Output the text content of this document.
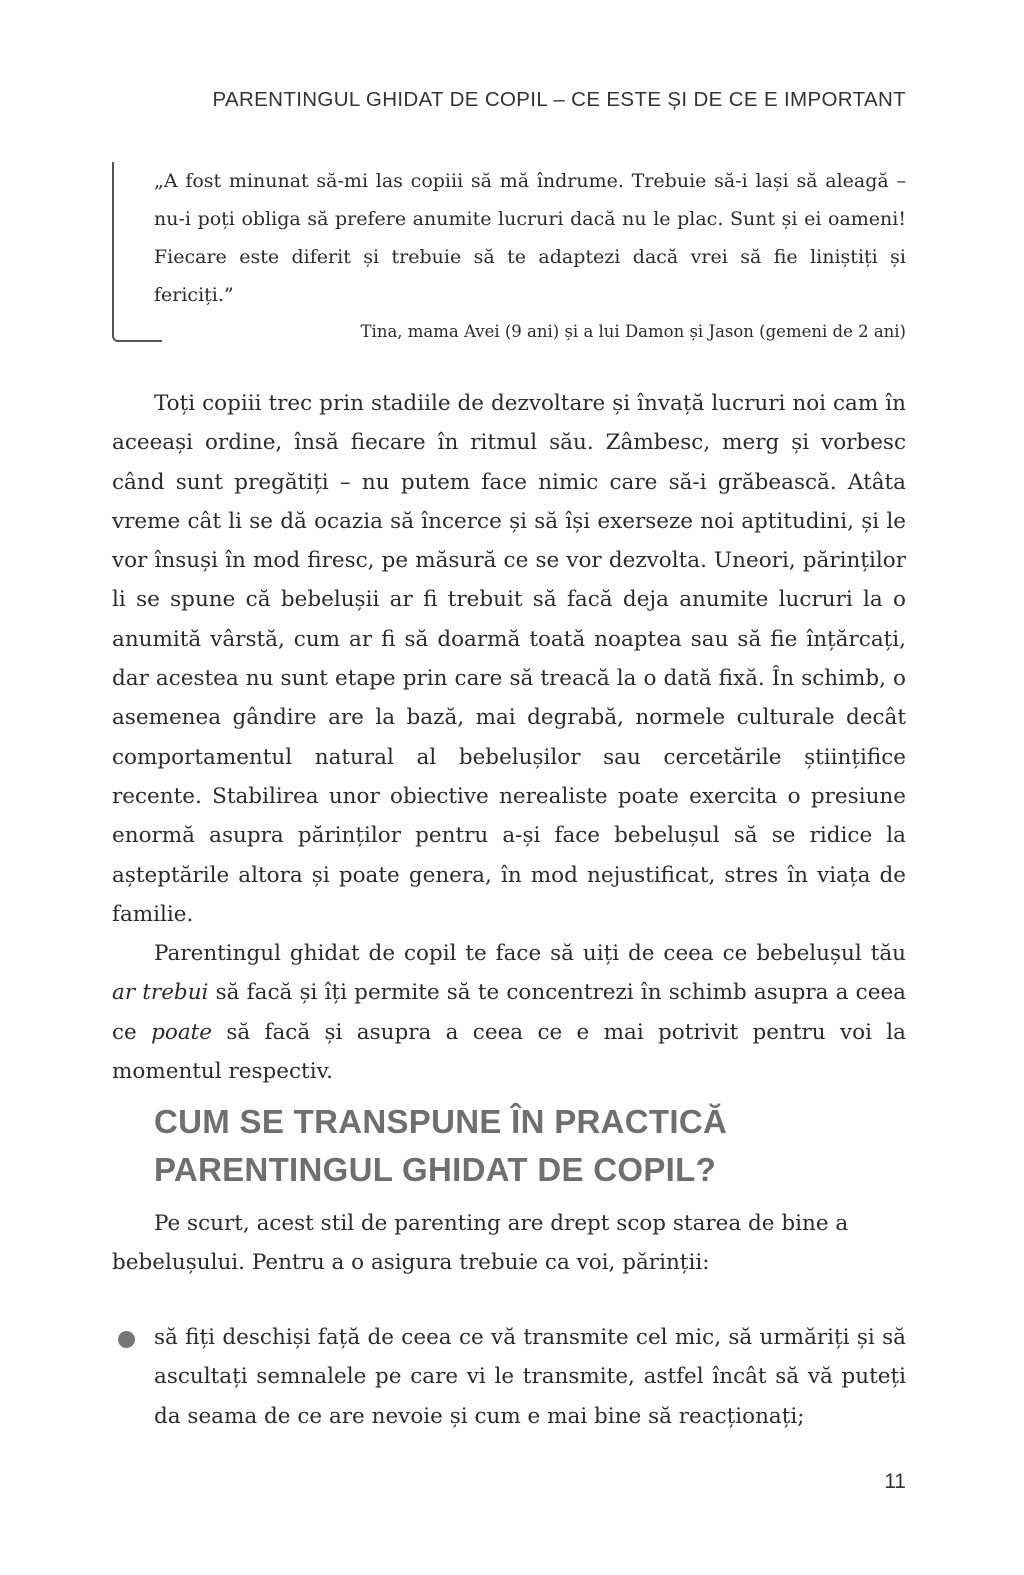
PARENTINGUL GHIDAT DE COPIL – CE ESTE ȘI DE CE E IMPORTANT

„A fost minunat să-mi las copiii să mă îndrume. Trebuie să-i lași să aleagă – nu-i poți obliga să prefere anumite lucruri dacă nu le plac. Sunt și ei oameni! Fiecare este diferit și trebuie să te adaptezi dacă vrei să fie liniștiți și fericiți.”

Tina, mama Avei (9 ani) și a lui Damon și Jason (gemeni de 2 ani)

Toți copiii trec prin stadiile de dezvoltare și învață lucruri noi cam în aceeași ordine, însă fiecare în ritmul său. Zâmbesc, merg și vorbesc când sunt pregătiți – nu putem face nimic care să-i grăbească. Atâta vreme cât li se dă ocazia să încerce și să își exerseze noi aptitudini, și le vor însuși în mod firesc, pe măsură ce se vor dezvolta. Uneori, părinților li se spune că bebelușii ar fi trebuit să facă deja anumite lucruri la o anumită vârstă, cum ar fi să doarmă toată noaptea sau să fie înțărcați, dar acestea nu sunt etape prin care să treacă la o dată fixă. În schimb, o asemenea gândire are la bază, mai degrabă, normele culturale decât comportamentul natural al bebelușilor sau cercetările științifice recente. Stabilirea unor obiective nerealiste poate exercita o presiune enormă asupra părinților pentru a-și face bebelușul să se ridice la așteptările altora și poate genera, în mod nejustificat, stres în viața de familie.

Parentingul ghidat de copil te face să uiți de ceea ce bebelușul tău ar trebui să facă și îți permite să te concentrezi în schimb asupra a ceea ce poate să facă și asupra a ceea ce e mai potrivit pentru voi la momentul respectiv.

CUM SE TRANSPUNE ÎN PRACTICĂ
PARENTINGUL GHIDAT DE COPIL?

Pe scurt, acest stil de parenting are drept scop starea de bine a bebelușului. Pentru a o asigura trebuie ca voi, părinții:

să fiți deschiși față de ceea ce vă transmite cel mic, să urmăriți și să ascultați semnalele pe care vi le transmite, astfel încât să vă puteți da seama de ce are nevoie și cum e mai bine să reacționați;
11
